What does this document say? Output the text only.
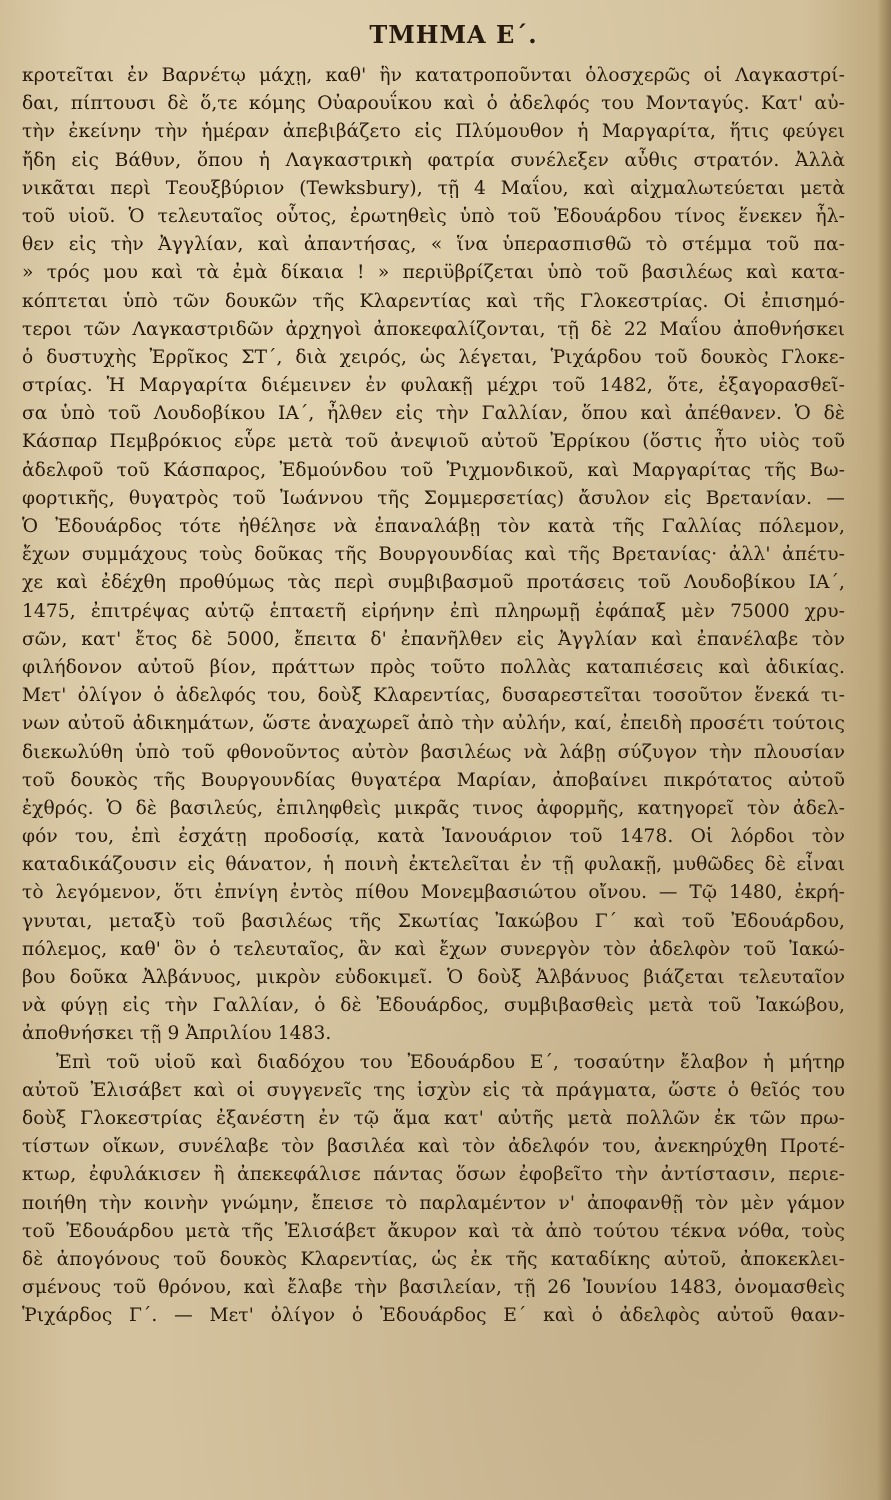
ΤΜΗΜΑ Ε΄.
κροτεῖται ἐν Βαρνέτῳ μάχῃ, καθ' ἣν κατατροποῦνται ὁλοσχερῶς οἱ Λαγκαστρί-
δαι, πίπτουσι δὲ ὅ,τε κόμης Οὐαρουΐκου καὶ ὁ ἀδελφός του Μονταγύς. Κατ' αὐ-
τὴν ἐκείνην τὴν ἡμέραν ἀπεβιβάζετο εἰς Πλύμουθον ἡ Μαργαρίτα, ἥτις φεύγει
ἤδη εἰς Βάθυν, ὅπου ἡ Λαγκαστρικὴ φατρία συνέλεξεν αὖθις στρατόν. Ἀλλὰ
νικᾶται περὶ Τεουξβύριον (Tewksbury), τῇ 4 Μαΐου, καὶ αἰχμαλωτεύεται μετὰ
τοῦ υἱοῦ. Ὁ τελευταῖος οὗτος, ἐρωτηθεὶς ὑπὸ τοῦ Ἐδουάρδου τίνος ἕνεκεν ἦλ-
θεν εἰς τὴν Ἀγγλίαν, καὶ ἀπαντήσας, « ἵνα ὑπερασπισθῶ τὸ στέμμα τοῦ πα-
» τρός μου καὶ τὰ ἐμὰ δίκαια ! » περιϋβρίζεται ὑπὸ τοῦ βασιλέως καὶ κατα-
κόπτεται ὑπὸ τῶν δουκῶν τῆς Κλαρεντίας καὶ τῆς Γλοκεστρίας. Οἱ ἐπισημό-
τεροι τῶν Λαγκαστριδῶν ἀρχηγοὶ ἀποκεφαλίζονται, τῇ δὲ 22 Μαΐου ἀποθνήσκει
ὁ δυστυχὴς Ἐρρῖκος ΣΤ΄, διὰ χειρός, ὡς λέγεται, Ῥιχάρδου τοῦ δουκὸς Γλοκε-
στρίας. Ἡ Μαργαρίτα διέμεινεν ἐν φυλακῇ μέχρι τοῦ 1482, ὅτε, ἐξαγορασθεῖ-
σα ὑπὸ τοῦ Λουδοβίκου ΙΑ΄, ἦλθεν εἰς τὴν Γαλλίαν, ὅπου καὶ ἀπέθανεν. Ὁ δὲ
Κάσπαρ Πεμβρόκιος εὗρε μετὰ τοῦ ἀνεψιοῦ αὐτοῦ Ἐρρίκου (ὅστις ἦτο υἱὸς τοῦ
ἀδελφοῦ τοῦ Κάσπαρος, Ἐδμούνδου τοῦ Ῥιχμονδικοῦ, καὶ Μαργαρίτας τῆς Βω-
φορτικῆς, θυγατρὸς τοῦ Ἰωάννου τῆς Σομμερσετίας) ἄσυλον εἰς Βρετανίαν. —
Ὁ Ἐδουάρδος τότε ἠθέλησε νὰ ἐπαναλάβῃ τὸν κατὰ τῆς Γαλλίας πόλεμον,
ἔχων συμμάχους τοὺς δοῦκας τῆς Βουργουνδίας καὶ τῆς Βρετανίας· ἀλλ' ἀπέτυ-
χε καὶ ἐδέχθη προθύμως τὰς περὶ συμβιβασμοῦ προτάσεις τοῦ Λουδοβίκου ΙΑ΄,
1475, ἐπιτρέψας αὐτῷ ἑπταετῆ εἰρήνην ἐπὶ πληρωμῇ ἐφάπαξ μὲν 75000 χρυ-
σῶν, κατ' ἔτος δὲ 5000, ἔπειτα δ' ἐπανῆλθεν εἰς Ἀγγλίαν καὶ ἐπανέλαβε τὸν
φιλήδονον αὐτοῦ βίον, πράττων πρὸς τοῦτο πολλὰς καταπιέσεις καὶ ἀδικίας.
Μετ' ὀλίγον ὁ ἀδελφός του, δοὺξ Κλαρεντίας, δυσαρεστεῖται τοσοῦτον ἕνεκά τι-
νων αὐτοῦ ἀδικημάτων, ὥστε ἀναχωρεῖ ἀπὸ τὴν αὐλήν, καί, ἐπειδὴ προσέτι τούτοις
διεκωλύθη ὑπὸ τοῦ φθονοῦντος αὐτὸν βασιλέως νὰ λάβῃ σύζυγον τὴν πλουσίαν
τοῦ δουκὸς τῆς Βουργουνδίας θυγατέρα Μαρίαν, ἀποβαίνει πικρότατος αὐτοῦ
ἐχθρός. Ὁ δὲ βασιλεύς, ἐπιληφθεὶς μικρᾶς τινος ἀφορμῆς, κατηγορεῖ τὸν ἀδελ-
φόν του, ἐπὶ ἐσχάτῃ προδοσίᾳ, κατὰ Ἰανουάριον τοῦ 1478. Οἱ λόρδοι τὸν
καταδικάζουσιν εἰς θάνατον, ἡ ποινὴ ἐκτελεῖται ἐν τῇ φυλακῇ, μυθῶδες δὲ εἶναι
τὸ λεγόμενον, ὅτι ἐπνίγη ἐντὸς πίθου Μονεμβασιώτου οἴνου. — Τῷ 1480, ἐκρή-
γνυται, μεταξὺ τοῦ βασιλέως τῆς Σκωτίας Ἰακώβου Γ΄ καὶ τοῦ Ἐδουάρδου,
πόλεμος, καθ' ὃν ὁ τελευταῖος, ἂν καὶ ἔχων συνεργὸν τὸν ἀδελφὸν τοῦ Ἰακώ-
βου δοῦκα Ἀλβάνυος, μικρὸν εὐδοκιμεῖ. Ὁ δοὺξ Ἀλβάνυος βιάζεται τελευταῖον
νὰ φύγῃ εἰς τὴν Γαλλίαν, ὁ δὲ Ἐδουάρδος, συμβιβασθεὶς μετὰ τοῦ Ἰακώβου,
ἀποθνήσκει τῇ 9 Ἀπριλίου 1483.
Ἐπὶ τοῦ υἱοῦ καὶ διαδόχου του Ἐδουάρδου Ε΄, τοσαύτην ἔλαβον ἡ μήτηρ
αὐτοῦ Ἐλισάβετ καὶ οἱ συγγενεῖς της ἰσχὺν εἰς τὰ πράγματα, ὥστε ὁ θεῖός του
δοὺξ Γλοκεστρίας ἐξανέστη ἐν τῷ ἅμα κατ' αὐτῆς μετὰ πολλῶν ἐκ τῶν πρω-
τίστων οἴκων, συνέλαβε τὸν βασιλέα καὶ τὸν ἀδελφόν του, ἀνεκηρύχθη Προτέ-
κτωρ, ἐφυλάκισεν ἢ ἀπεκεφάλισε πάντας ὅσων ἐφοβεῖτο τὴν ἀντίστασιν, περιε-
ποιήθη τὴν κοινὴν γνώμην, ἔπεισε τὸ παρλαμέντον ν' ἀποφανθῇ τὸν μὲν γάμον
τοῦ Ἐδουάρδου μετὰ τῆς Ἐλισάβετ ἄκυρον καὶ τὰ ἀπὸ τούτου τέκνα νόθα, τοὺς
δὲ ἀπογόνους τοῦ δουκὸς Κλαρεντίας, ὡς ἐκ τῆς καταδίκης αὐτοῦ, ἀποκεκλει-
σμένους τοῦ θρόνου, καὶ ἔλαβε τὴν βασιλείαν, τῇ 26 Ἰουνίου 1483, ὀνομασθεὶς
Ῥιχάρδος Γ΄. — Μετ' ὀλίγον ὁ Ἐδουάρδος Ε΄ καὶ ὁ ἀδελφὸς αὐτοῦ θααν-
